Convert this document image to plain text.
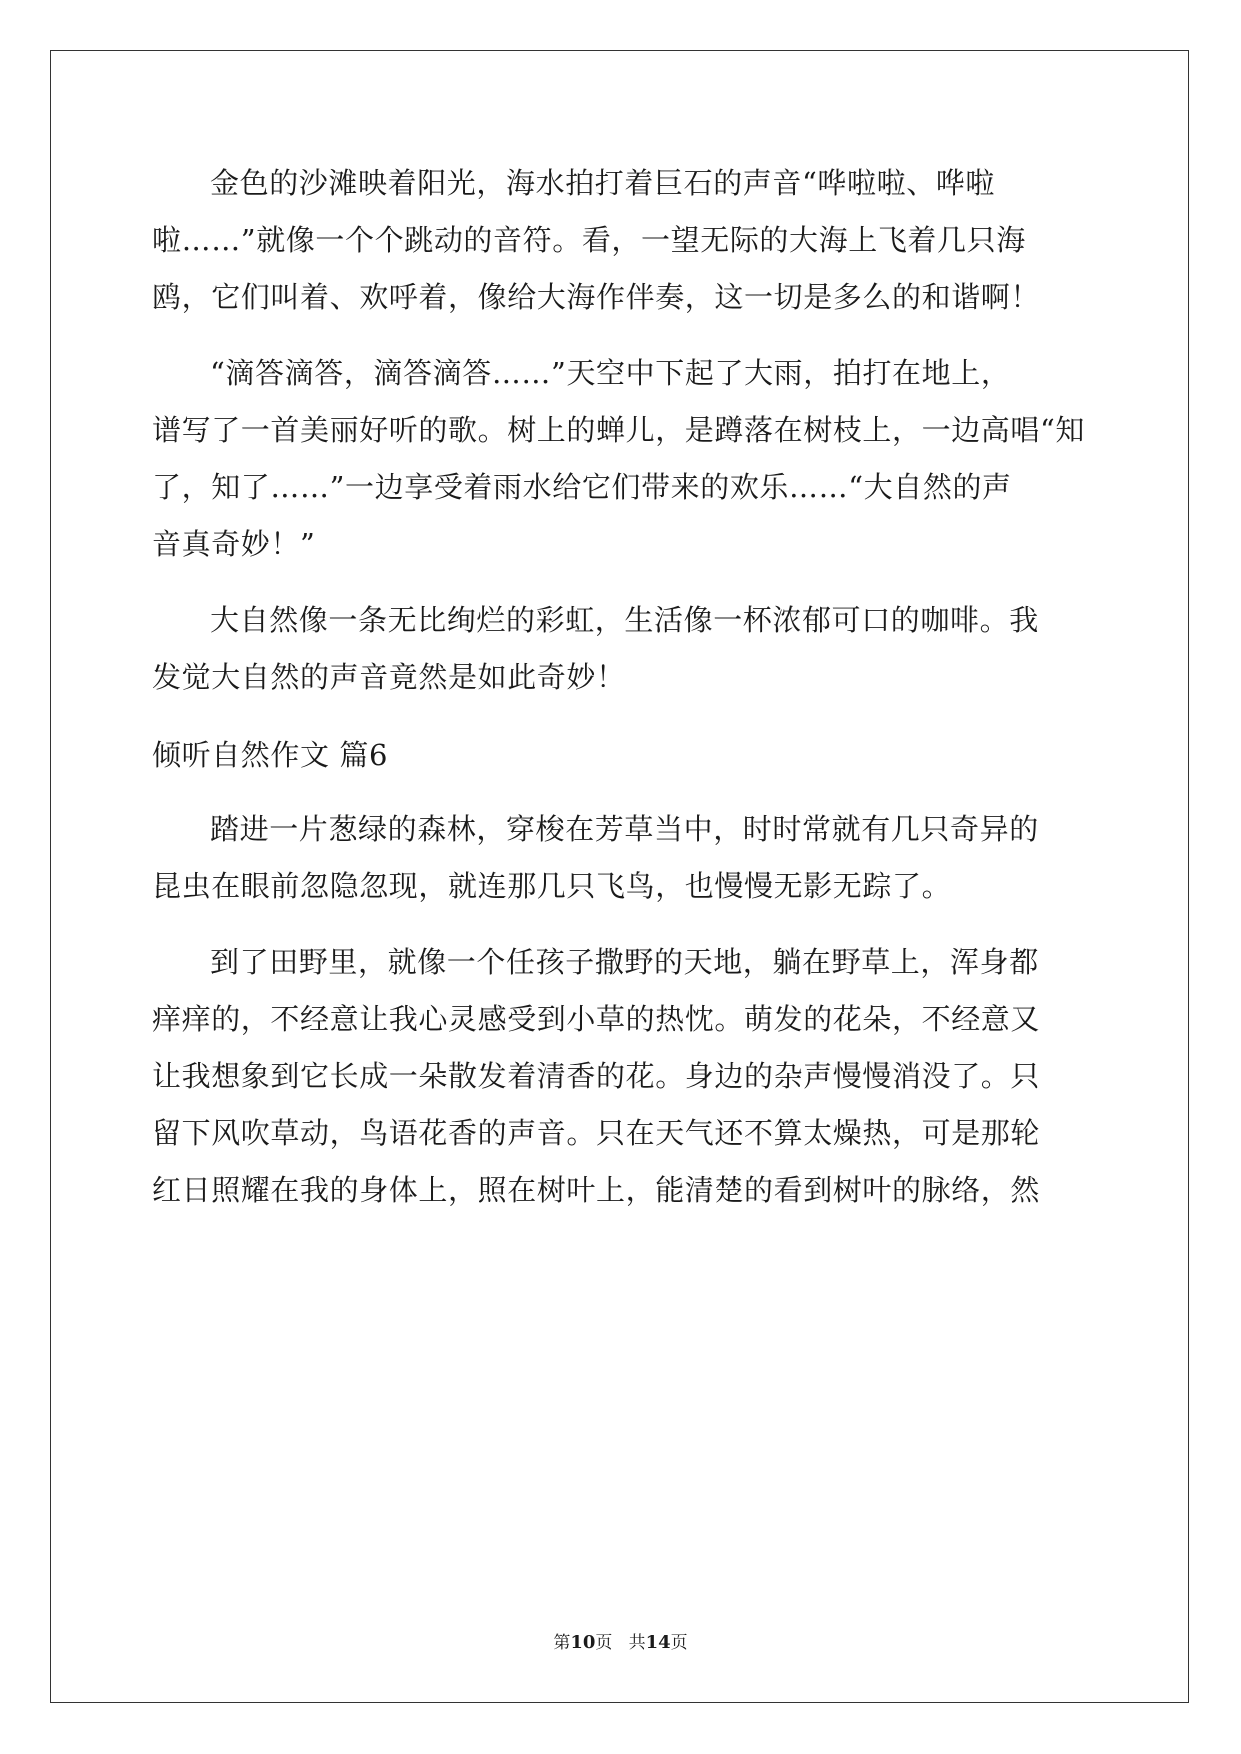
金色的沙滩映着阳光，海水拍打着巨石的声音“哗啦啦、哗啦
啦……”就像一个个跳动的音符。看，一望无际的大海上飞着几只海
鸥，它们叫着、欢呼着，像给大海作伴奏，这一切是多么的和谐啊！

“滴答滴答，滴答滴答……”天空中下起了大雨，拍打在地上，
谱写了一首美丽好听的歌。树上的蝉儿，是蹲落在树枝上，一边高唱“知
了，知了……”一边享受着雨水给它们带来的欢乐……“大自然的声
音真奇妙！”

大自然像一条无比绚烂的彩虹，生活像一杯浓郁可口的咖啡。我
发觉大自然的声音竟然是如此奇妙！

倾听自然作文 篇6

踏进一片葱绿的森林，穿梭在芳草当中，时时常就有几只奇异的
昆虫在眼前忽隐忽现，就连那几只飞鸟，也慢慢无影无踪了。

到了田野里，就像一个任孩子撒野的天地，躺在野草上，浑身都
痒痒的，不经意让我心灵感受到小草的热忱。萌发的花朵，不经意又
让我想象到它长成一朵散发着清香的花。身边的杂声慢慢消没了。只
留下风吹草动，鸟语花香的声音。只在天气还不算太燥热，可是那轮
红日照耀在我的身体上，照在树叶上，能清楚的看到树叶的脉络，然

第10页 共14页
